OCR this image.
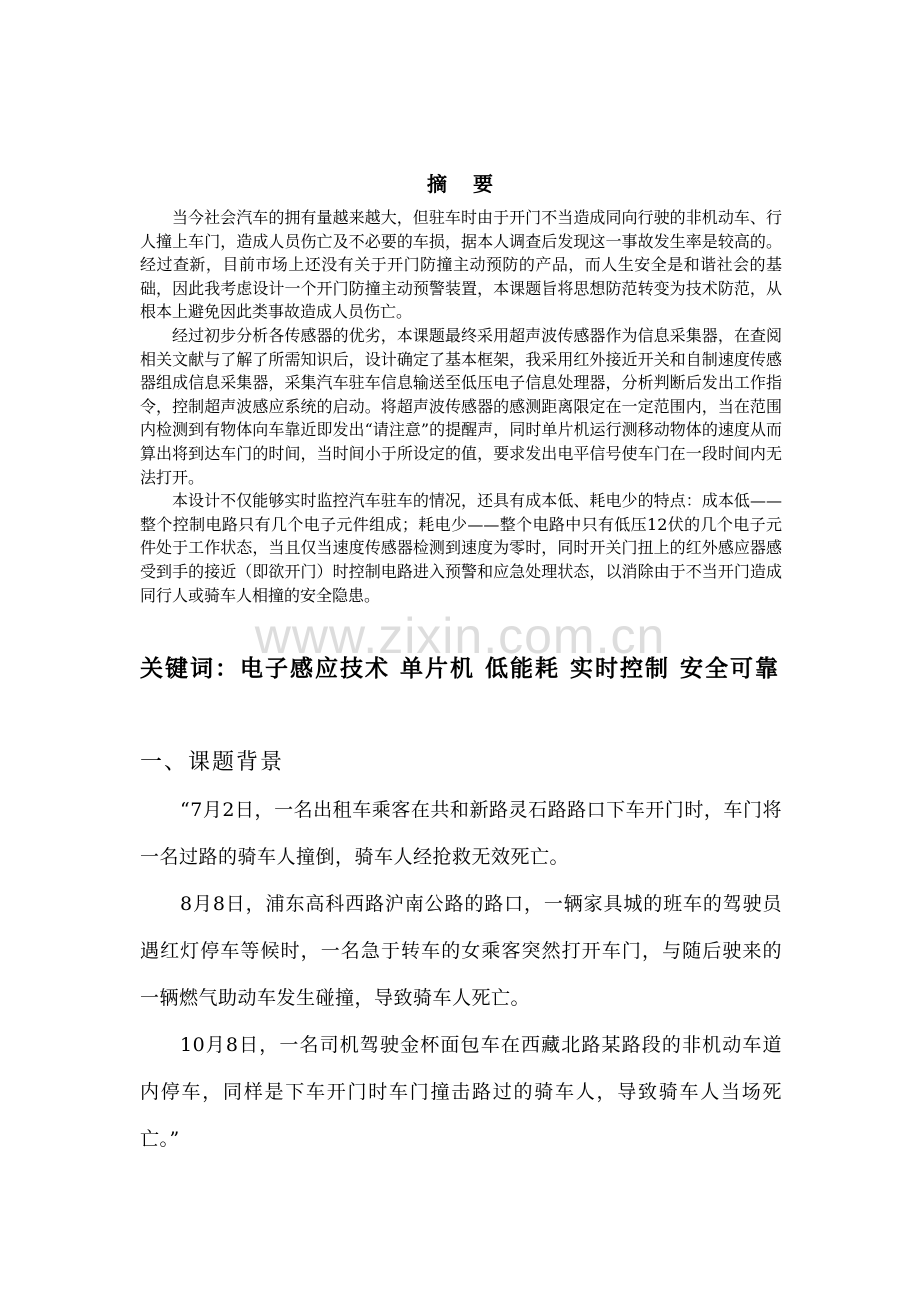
摘要

当今社会汽车的拥有量越来越大，但驻车时由于开门不当造成同向行驶的非机动车、行人撞上车门，造成人员伤亡及不必要的车损，据本人调查后发现这一事故发生率是较高的。经过查新，目前市场上还没有关于开门防撞主动预防的产品，而人生安全是和谐社会的基础，因此我考虑设计一个开门防撞主动预警装置，本课题旨将思想防范转变为技术防范，从根本上避免因此类事故造成人员伤亡。

经过初步分析各传感器的优劣，本课题最终采用超声波传感器作为信息采集器，在查阅相关文献与了解了所需知识后，设计确定了基本框架，我采用红外接近开关和自制速度传感器组成信息采集器，采集汽车驻车信息输送至低压电子信息处理器，分析判断后发出工作指令，控制超声波感应系统的启动。将超声波传感器的感测距离限定在一定范围内，当在范围内检测到有物体向车靠近即发出“请注意”的提醒声，同时单片机运行测移动物体的速度从而算出将到达车门的时间，当时间小于所设定的值，要求发出电平信号使车门在一段时间内无法打开。

本设计不仅能够实时监控汽车驻车的情况，还具有成本低、耗电少的特点：成本低——整个控制电路只有几个电子元件组成；耗电少——整个电路中只有低压12伏的几个电子元件处于工作状态，当且仅当速度传感器检测到速度为零时，同时开关门扭上的红外感应器感受到手的接近（即欲开门）时控制电路进入预警和应急处理状态，以消除由于不当开门造成同行人或骑车人相撞的安全隐患。

www.zixin.com.cn
关键词：电子感应技术 单片机 低能耗 实时控制 安全可靠
一、课题背景

“7月2日，一名出租车乘客在共和新路灵石路路口下车开门时，车门将一名过路的骑车人撞倒，骑车人经抢救无效死亡。

8月8日，浦东高科西路沪南公路的路口，一辆家具城的班车的驾驶员遇红灯停车等候时，一名急于转车的女乘客突然打开车门，与随后驶来的一辆燃气助动车发生碰撞，导致骑车人死亡。

10月8日，一名司机驾驶金杯面包车在西藏北路某路段的非机动车道内停车，同样是下车开门时车门撞击路过的骑车人，导致骑车人当场死亡。”
